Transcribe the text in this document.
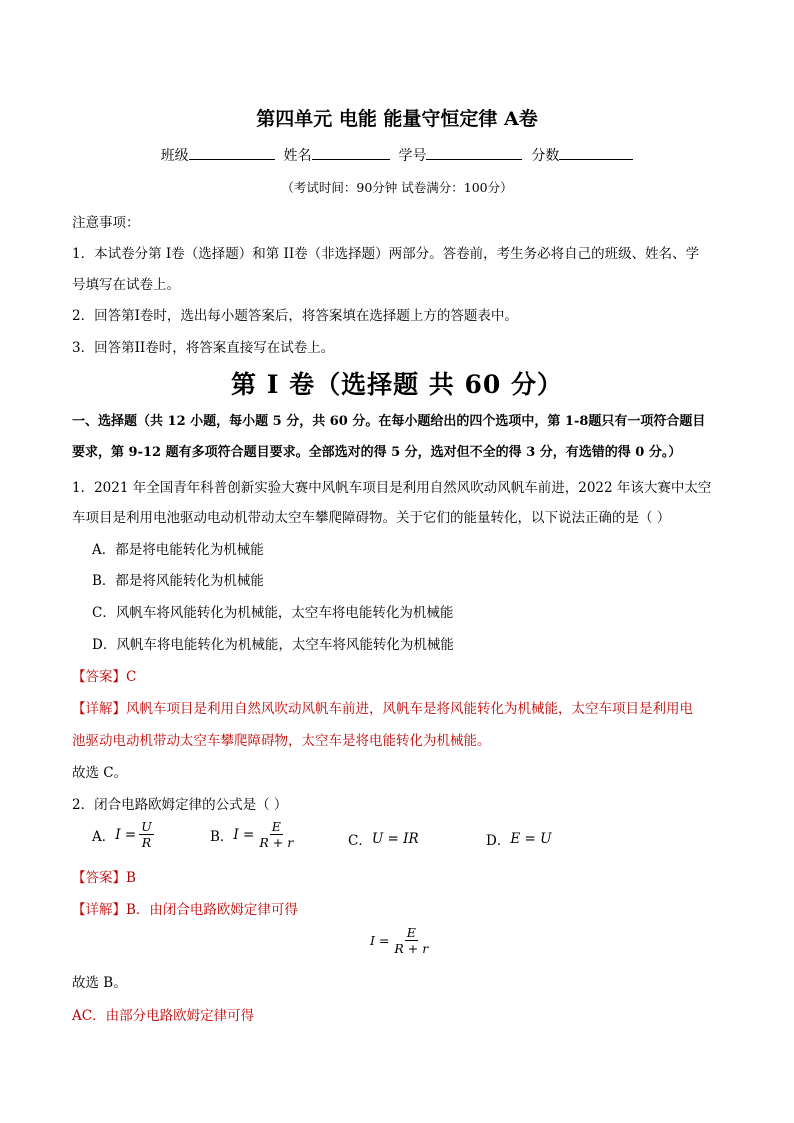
第四单元 电能 能量守恒定律 A卷
班级	姓名	学号	分数
（考试时间：90分钟 试卷满分：100分）
注意事项：
1．本试卷分第 I卷（选择题）和第 II卷（非选择题）两部分。答卷前，考生务必将自己的班级、姓名、学
号填写在试卷上。
2．回答第I卷时，选出每小题答案后，将答案填在选择题上方的答题表中。
3．回答第II卷时，将答案直接写在试卷上。
第 I 卷（选择题 共 60 分）
一、选择题（共 12 小题，每小题 5 分，共 60 分。在每小题给出的四个选项中，第 1-8题只有一项符合题目
要求，第 9-12 题有多项符合题目要求。全部选对的得 5 分，选对但不全的得 3 分，有选错的得 0 分。）
1．2021 年全国青年科普创新实验大赛中风帆车项目是利用自然风吹动风帆车前进，2022 年该大赛中太空
车项目是利用电池驱动电动机带动太空车攀爬障碍物。关于它们的能量转化，以下说法正确的是（ ）
A．都是将电能转化为机械能
B．都是将风能转化为机械能
C．风帆车将风能转化为机械能，太空车将电能转化为机械能
D．风帆车将电能转化为机械能，太空车将风能转化为机械能
【答案】C
【详解】风帆车项目是利用自然风吹动风帆车前进，风帆车是将风能转化为机械能，太空车项目是利用电
池驱动电动机带动太空车攀爬障碍物，太空车是将电能转化为机械能。
故选 C。
2．闭合电路欧姆定律的公式是（ ）
A． $I = \frac{U}{R}$	B． $I = \frac{E}{R + r}$	C． U = IR	D． E = U
【答案】B
【详解】B．由闭合电路欧姆定律可得
$I = \frac{E}{R + r}$
故选 B。
AC．由部分电路欧姆定律可得
